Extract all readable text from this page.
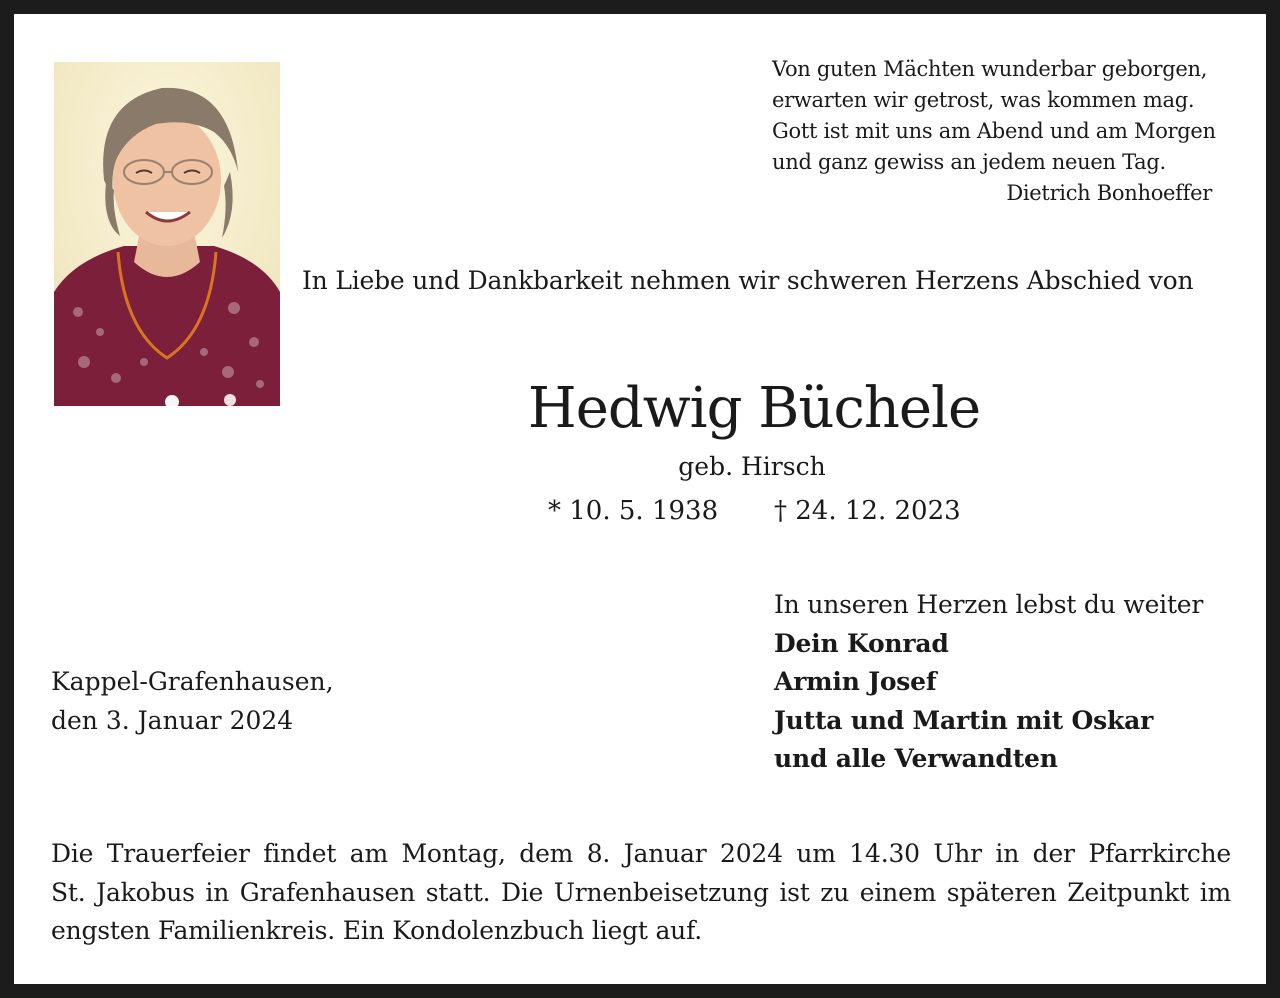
Von guten Mächten wunderbar geborgen,
erwarten wir getrost, was kommen mag.
Gott ist mit uns am Abend und am Morgen
und ganz gewiss an jedem neuen Tag.
Dietrich Bonhoeffer
In Liebe und Dankbarkeit nehmen wir schweren Herzens Abschied von
Hedwig Büchele
geb. Hirsch
* 10. 5. 1938 † 24. 12. 2023
In unseren Herzen lebst du weiter
Dein Konrad
Armin Josef
Jutta und Martin mit Oskar
und alle Verwandten
Kappel-Grafenhausen,
den 3. Januar 2024
Die Trauerfeier findet am Montag, dem 8. Januar 2024 um 14.30 Uhr in der Pfarrkirche
St. Jakobus in Grafenhausen statt. Die Urnenbeisetzung ist zu einem späteren Zeitpunkt im
engsten Familienkreis. Ein Kondolenzbuch liegt auf.
